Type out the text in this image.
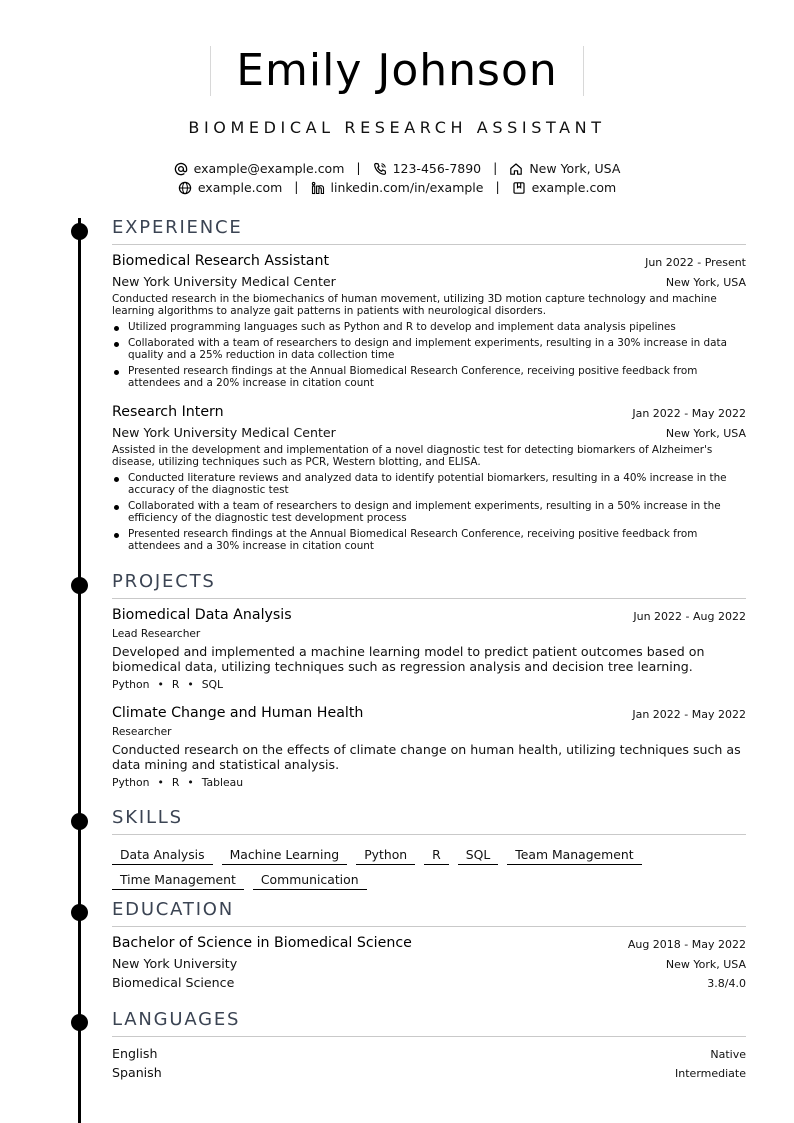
Emily Johnson
BIOMEDICAL RESEARCH ASSISTANT
example@example.com |	123-456-7890 |	New York, USA
example.com |	linkedin.com/in/example |	example.com
EXPERIENCE
Biomedical Research Assistant	Jun 2022 - Present
New York University Medical Center	New York, USA
Conducted research in the biomechanics of human movement, utilizing 3D motion capture technology and machine learning algorithms to analyze gait patterns in patients with neurological disorders.
Utilized programming languages such as Python and R to develop and implement data analysis pipelines
Collaborated with a team of researchers to design and implement experiments, resulting in a 30% increase in data quality and a 25% reduction in data collection time
Presented research findings at the Annual Biomedical Research Conference, receiving positive feedback from attendees and a 20% increase in citation count
Research Intern	Jan 2022 - May 2022
New York University Medical Center	New York, USA
Assisted in the development and implementation of a novel diagnostic test for detecting biomarkers of Alzheimer's disease, utilizing techniques such as PCR, Western blotting, and ELISA.
Conducted literature reviews and analyzed data to identify potential biomarkers, resulting in a 40% increase in the accuracy of the diagnostic test
Collaborated with a team of researchers to design and implement experiments, resulting in a 50% increase in the efficiency of the diagnostic test development process
Presented research findings at the Annual Biomedical Research Conference, receiving positive feedback from attendees and a 30% increase in citation count
PROJECTS
Biomedical Data Analysis	Jun 2022 - Aug 2022
Lead Researcher
Developed and implemented a machine learning model to predict patient outcomes based on biomedical data, utilizing techniques such as regression analysis and decision tree learning.
Python • R • SQL
Climate Change and Human Health	Jan 2022 - May 2022
Researcher
Conducted research on the effects of climate change on human health, utilizing techniques such as data mining and statistical analysis.
Python • R • Tableau
SKILLS
Data Analysis Machine Learning Python R SQL Team ManagementTime Management Communication
EDUCATION
Bachelor of Science in Biomedical Science	Aug 2018 - May 2022
New York University	New York, USA
Biomedical Science	3.8/4.0
LANGUAGES
English	Native
Spanish	Intermediate
